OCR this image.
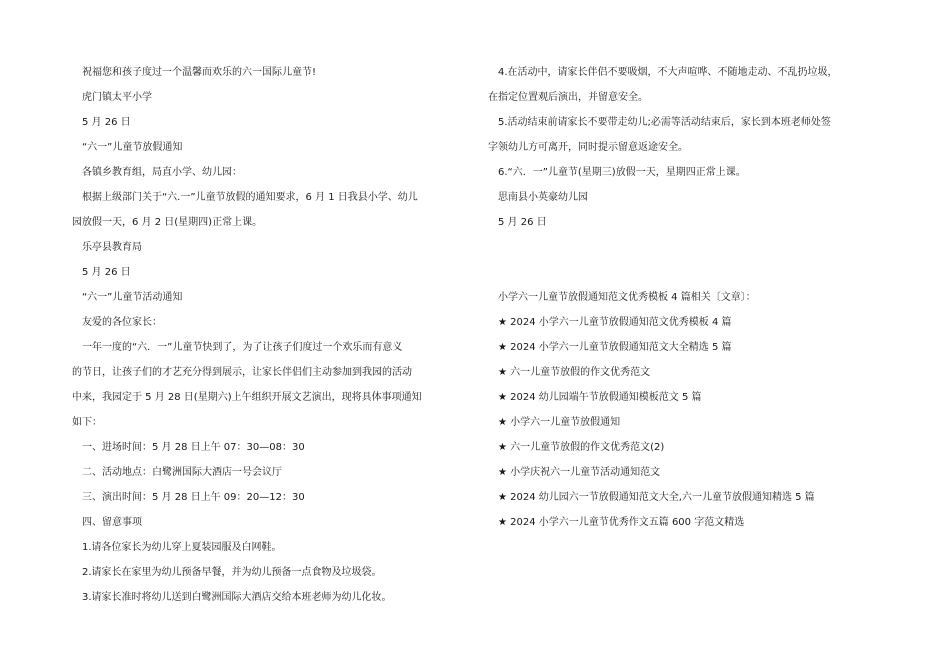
祝福您和孩子度过一个温馨而欢乐的六一国际儿童节!
虎门镇太平小学
5 月 26 日
“六一”儿童节放假通知
各镇乡教育组，局直小学、幼儿园：
根据上级部门关于“六.一”儿童节放假的通知要求，6 月 1 日我县小学、幼儿
园放假一天，6 月 2 日(星期四)正常上课。
乐亭县教育局
5 月 26 日
“六一”儿童节活动通知
友爱的各位家长：
一年一度的“六．一”儿童节快到了，为了让孩子们度过一个欢乐而有意义
的节日，让孩子们的才艺充分得到展示，让家长伴侣们主动参加到我园的活动
中来，我园定于 5 月 28 日(星期六)上午组织开展文艺演出，现将具体事项通知
如下：
一、进场时间：5 月 28 日上午 07：30—08：30
二、活动地点：白鹭洲国际大酒店一号会议厅
三、演出时间：5 月 28 日上午 09：20—12：30
四、留意事项
1.请各位家长为幼儿穿上夏装园服及白网鞋。
2.请家长在家里为幼儿预备早餐，并为幼儿预备一点食物及垃圾袋。
3.请家长准时将幼儿送到白鹭洲国际大酒店交给本班老师为幼儿化妆。
4.在活动中，请家长伴侣不要吸烟，不大声喧哗、不随地走动、不乱扔垃圾，
在指定位置观后演出，并留意安全。
5.活动结束前请家长不要带走幼儿;必需等活动结束后，家长到本班老师处签
字领幼儿方可离开，同时提示留意返途安全。
6.“六．一”儿童节(星期三)放假一天，星期四正常上课。
思南县小英豪幼儿园
5 月 26 日
小学六一儿童节放假通知范文优秀模板 4 篇相关〔文章〕：
★ 2024 小学六一儿童节放假通知范文优秀模板 4 篇
★ 2024 小学六一儿童节放假通知范文大全精选 5 篇
★ 六一儿童节放假的作文优秀范文
★ 2024 幼儿园端午节放假通知模板范文 5 篇
★ 小学六一儿童节放假通知
★ 六一儿童节放假的作文优秀范文(2)
★ 小学庆祝六一儿童节活动通知范文
★ 2024 幼儿园六一节放假通知范文大全,六一儿童节放假通知精选 5 篇
★ 2024 小学六一儿童节优秀作文五篇 600 字范文精选
